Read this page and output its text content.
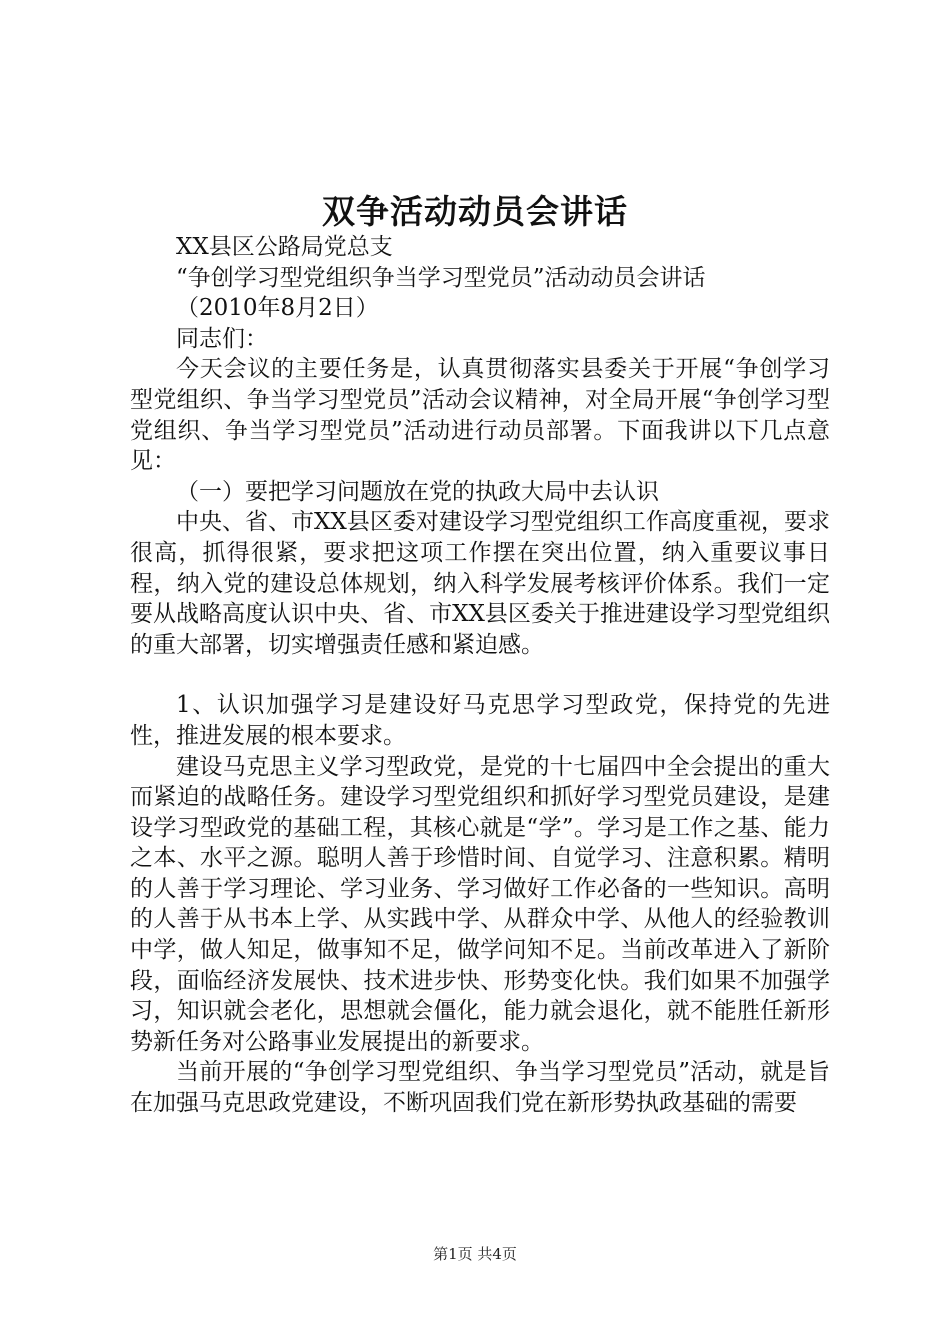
双争活动动员会讲话

XX县区公路局党总支

“争创学习型党组织争当学习型党员”活动动员会讲话

（2010年8月2日）

同志们：

今天会议的主要任务是，认真贯彻落实县委关于开展“争创学习型党组织、争当学习型党员”活动会议精神，对全局开展“争创学习型党组织、争当学习型党员”活动进行动员部署。下面我讲以下几点意见：

（一）要把学习问题放在党的执政大局中去认识

中央、省、市XX县区委对建设学习型党组织工作高度重视，要求很高，抓得很紧，要求把这项工作摆在突出位置，纳入重要议事日程，纳入党的建设总体规划，纳入科学发展考核评价体系。我们一定要从战略高度认识中央、省、市XX县区委关于推进建设学习型党组织的重大部署，切实增强责任感和紧迫感。

1、认识加强学习是建设好马克思学习型政党，保持党的先进性，推进发展的根本要求。

建设马克思主义学习型政党，是党的十七届四中全会提出的重大而紧迫的战略任务。建设学习型党组织和抓好学习型党员建设，是建设学习型政党的基础工程，其核心就是“学”。学习是工作之基、能力之本、水平之源。聪明人善于珍惜时间、自觉学习、注意积累。精明的人善于学习理论、学习业务、学习做好工作必备的一些知识。高明的人善于从书本上学、从实践中学、从群众中学、从他人的经验教训中学，做人知足，做事知不足，做学问知不足。当前改革进入了新阶段，面临经济发展快、技术进步快、形势变化快。我们如果不加强学习，知识就会老化，思想就会僵化，能力就会退化，就不能胜任新形势新任务对公路事业发展提出的新要求。

当前开展的“争创学习型党组织、争当学习型党员”活动，就是旨在加强马克思政党建设，不断巩固我们党在新形势执政基础的需要

第1页 共4页
